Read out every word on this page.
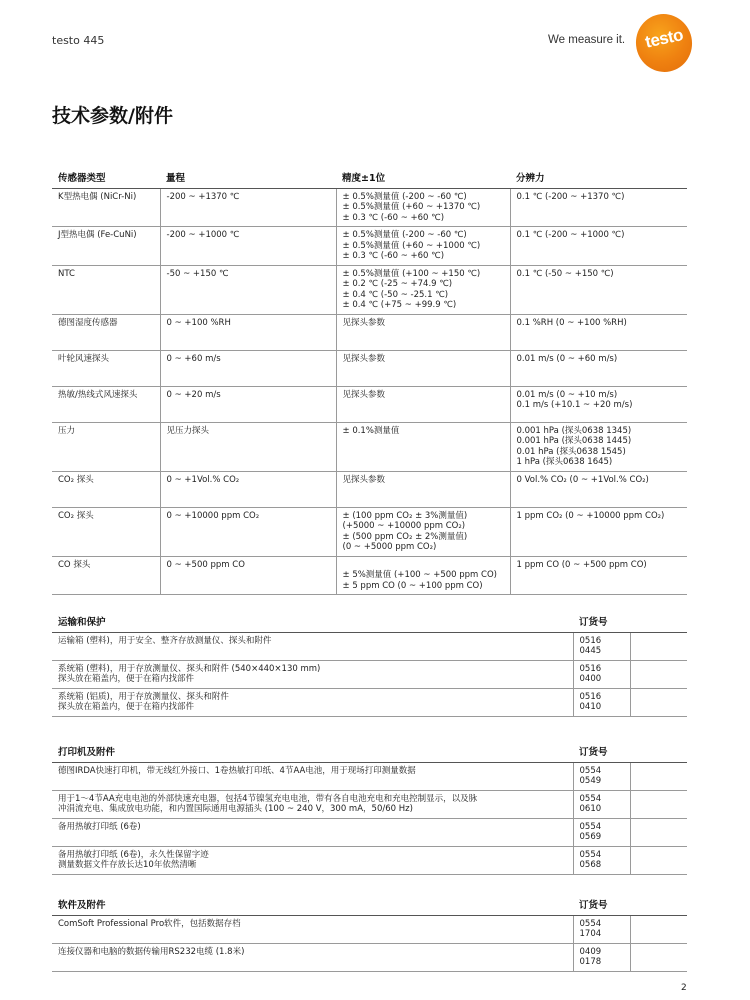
testo 445	We measure it.	testo
技术参数/附件
传感器类型	量程	精度±1位	分辨力

K型热电偶 (NiCr-Ni)	-200 ~ +1370 ℃	± 0.5%测量值 (-200 ~ -60 ℃)
± 0.5%测量值 (+60 ~ +1370 ℃)
± 0.3 ℃ (-60 ~ +60 ℃)	0.1 ℃ (-200 ~ +1370 ℃)

J型热电偶 (Fe-CuNi)	-200 ~ +1000 ℃	± 0.5%测量值 (-200 ~ -60 ℃)
± 0.5%测量值 (+60 ~ +1000 ℃)
± 0.3 ℃ (-60 ~ +60 ℃)	0.1 ℃ (-200 ~ +1000 ℃)

NTC	-50 ~ +150 ℃	± 0.5%测量值 (+100 ~ +150 ℃)
± 0.2 ℃ (-25 ~ +74.9 ℃)
± 0.4 ℃ (-50 ~ -25.1 ℃)
± 0.4 ℃ (+75 ~ +99.9 ℃)	0.1 ℃ (-50 ~ +150 ℃)

德图湿度传感器	0 ~ +100 %RH	见探头参数	0.1 %RH (0 ~ +100 %RH)

叶轮风速探头	0 ~ +60 m/s	见探头参数	0.01 m/s (0 ~ +60 m/s)

热敏/热线式风速探头	0 ~ +20 m/s	见探头参数	0.01 m/s (0 ~ +10 m/s)
0.1 m/s (+10.1 ~ +20 m/s)

压力	见压力探头	± 0.1%测量值	0.001 hPa (探头0638 1345)
0.001 hPa (探头0638 1445)
0.01 hPa (探头0638 1545)
1 hPa (探头0638 1645)

CO₂ 探头	0 ~ +1Vol.% CO₂	见探头参数	0 Vol.% CO₂ (0 ~ +1Vol.% CO₂)

CO₂ 探头	0 ~ +10000 ppm CO₂	± (100 ppm CO₂ ± 3%测量值)
(+5000 ~ +10000 ppm CO₂)
± (500 ppm CO₂ ± 2%测量值)
(0 ~ +5000 ppm CO₂)	1 ppm CO₂ (0 ~ +10000 ppm CO₂)

CO 探头	0 ~ +500 ppm CO	± 5%测量值 (+100 ~ +500 ppm CO)
± 5 ppm CO (0 ~ +100 ppm CO)	1 ppm CO (0 ~ +500 ppm CO)
运输和保护	订货号	

运输箱 (塑料)，用于安全、整齐存放测量仪、探头和附件	0516 0445	

系统箱 (塑料)，用于存放测量仪、探头和附件 (540×440×130 mm)
探头放在箱盖内，便于在箱内找部件	0516 0400	

系统箱 (铝质)，用于存放测量仪、探头和附件
探头放在箱盖内，便于在箱内找部件	0516 0410	
打印机及附件	订货号	

德图IRDA快速打印机，带无线红外接口、1卷热敏打印纸、4节AA电池，用于现场打印测量数据	0554 0549	

用于1～4节AA充电电池的外部快速充电器，包括4节镍氢充电电池，带有各自电池充电和充电控制显示，以及脉
冲涓流充电、集成放电功能，和内置国际通用电源插头 (100 ~ 240 V，300 mA，50/60 Hz)	0554 0610	

备用热敏打印纸 (6卷)	0554 0569	

备用热敏打印纸 (6卷)，永久性保留字迹
测量数据文件存放长达10年依然清晰	0554 0568	
软件及附件	订货号	

ComSoft Professional Pro软件，包括数据存档	0554 1704	

连接仪器和电脑的数据传输用RS232电缆 (1.8米)	0409 0178	
2
